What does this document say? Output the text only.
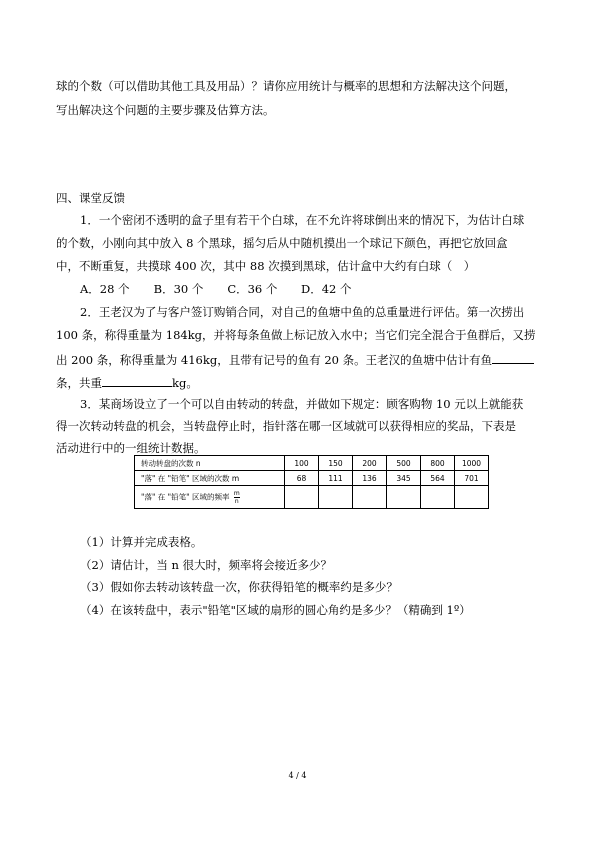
球的个数（可以借助其他工具及用品）？请你应用统计与概率的思想和方法解决这个问题，
写出解决这个问题的主要步骤及估算方法。
四、课堂反馈
1．一个密闭不透明的盒子里有若干个白球，在不允许将球倒出来的情况下，为估计白球
的个数，小刚向其中放入 8 个黑球，摇匀后从中随机摸出一个球记下颜色，再把它放回盒
中，不断重复，共摸球 400 次，其中 88 次摸到黑球，估计盒中大约有白球（　）
A．28 个 B．30 个 C．36 个 D．42 个
2．王老汉为了与客户签订购销合同，对自己的鱼塘中鱼的总重量进行评估。第一次捞出
100 条，称得重量为 184kg，并将每条鱼做上标记放入水中；当它们完全混合于鱼群后，又捞
出 200 条，称得重量为 416kg，且带有记号的鱼有 20 条。王老汉的鱼塘中估计有鱼
条，共重	kg。
3．某商场设立了一个可以自由转动的转盘，并做如下规定：顾客购物 10 元以上就能获
得一次转动转盘的机会，当转盘停止时，指针落在哪一区域就可以获得相应的奖品，下表是
活动进行中的一组统计数据。
转动转盘的次数 n	100	150	200	500	800	1000
"落" 在 "铅笔" 区域的次数 m	68	111	136	345	564	701
"落" 在 "铅笔" 区域的频率 $\frac{m}{n}$						
（1）计算并完成表格。
（2）请估计，当 n 很大时，频率将会接近多少？
（3）假如你去转动该转盘一次，你获得铅笔的概率约是多少？
（4）在该转盘中，表示"铅笔"区域的扇形的圆心角约是多少？（精确到 1º）
4 / 4
